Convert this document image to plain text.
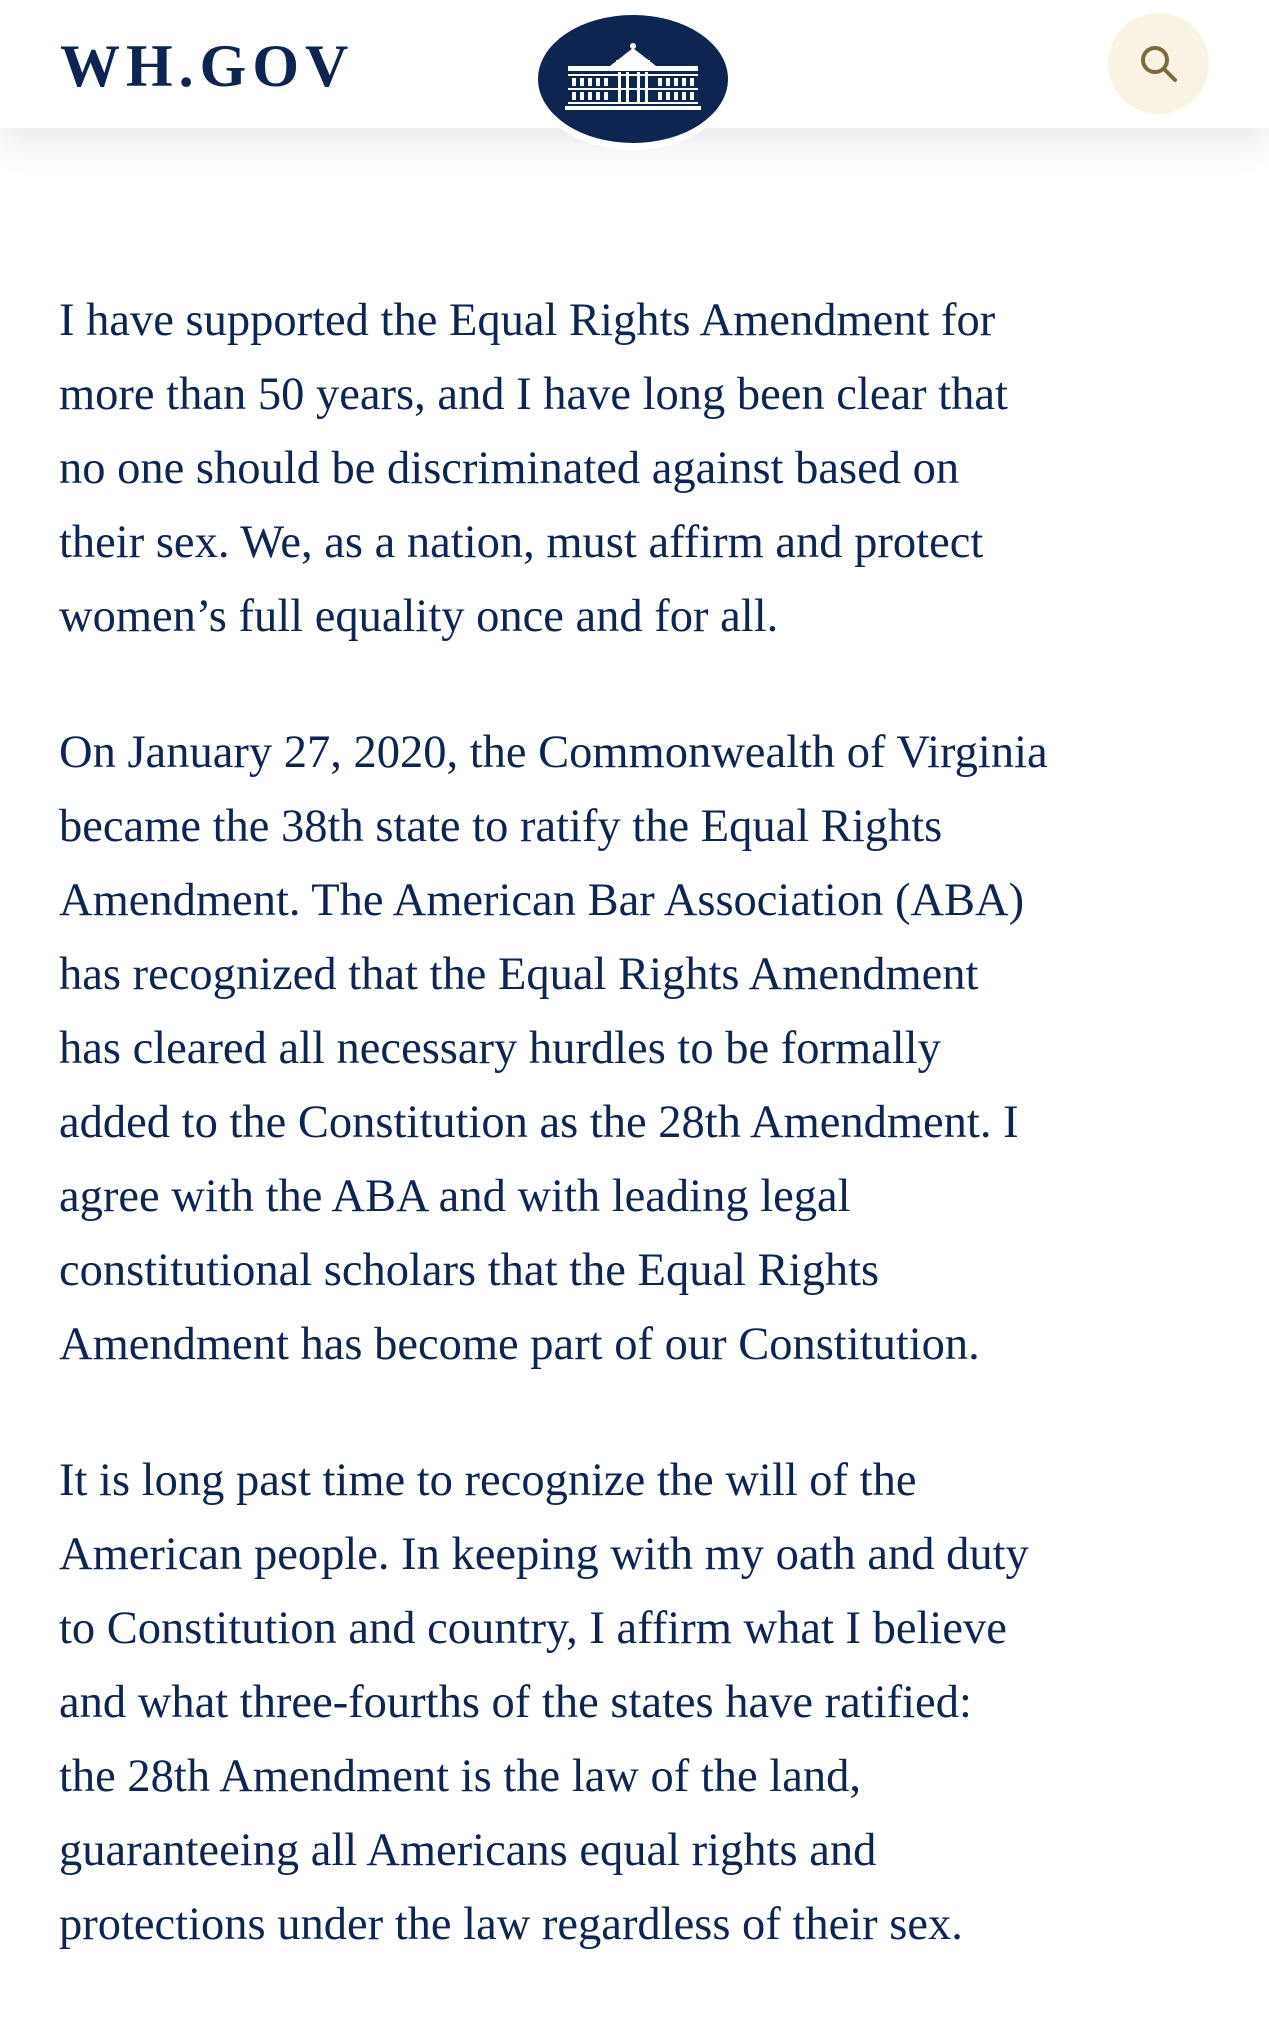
WH.GOV

I have supported the Equal Rights Amendment for
more than 50 years, and I have long been clear that
no one should be discriminated against based on
their sex. We, as a nation, must affirm and protect
women’s full equality once and for all.

On January 27, 2020, the Commonwealth of Virginia
became the 38th state to ratify the Equal Rights
Amendment. The American Bar Association (ABA)
has recognized that the Equal Rights Amendment
has cleared all necessary hurdles to be formally
added to the Constitution as the 28th Amendment. I
agree with the ABA and with leading legal
constitutional scholars that the Equal Rights
Amendment has become part of our Constitution.

It is long past time to recognize the will of the
American people. In keeping with my oath and duty
to Constitution and country, I affirm what I believe
and what three-fourths of the states have ratified:
the 28th Amendment is the law of the land,
guaranteeing all Americans equal rights and
protections under the law regardless of their sex.
